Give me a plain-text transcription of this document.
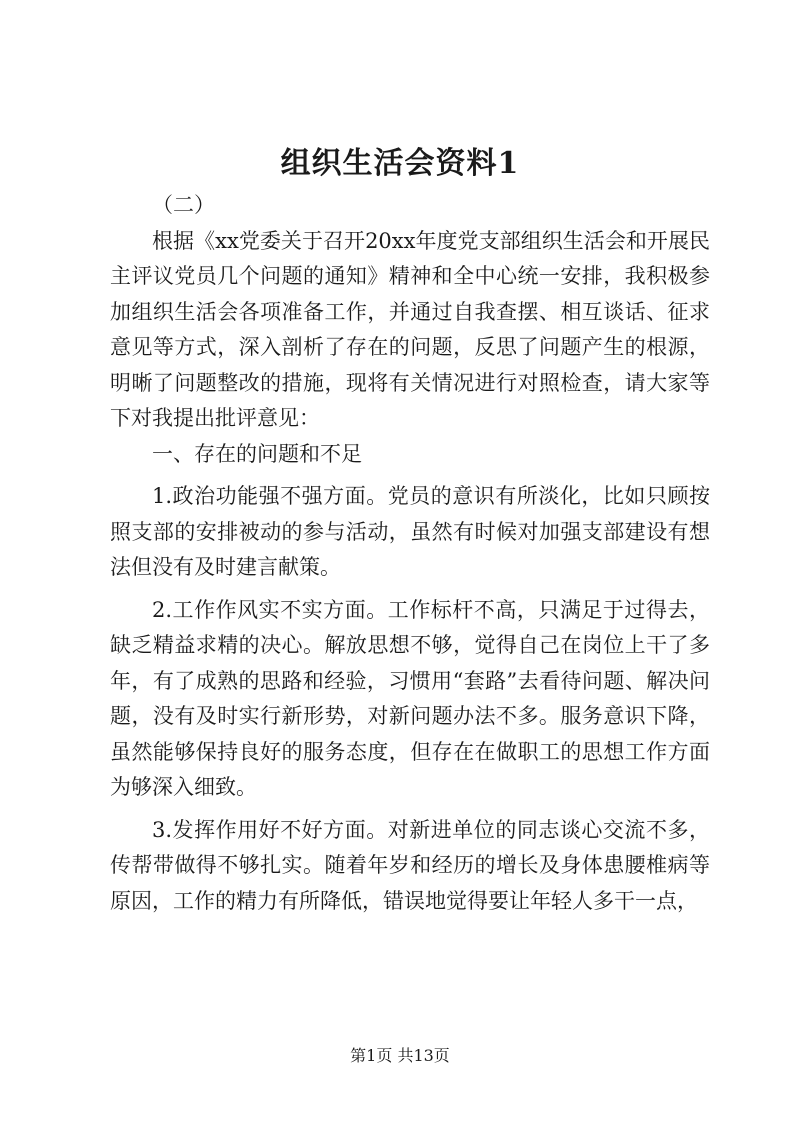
组织生活会资料1

（二）

根据《xx党委关于召开20xx年度党支部组织生活会和开展民主评议党员几个问题的通知》精神和全中心统一安排，我积极参加组织生活会各项准备工作，并通过自我查摆、相互谈话、征求意见等方式，深入剖析了存在的问题，反思了问题产生的根源，明晰了问题整改的措施，现将有关情况进行对照检查，请大家等下对我提出批评意见：

一、存在的问题和不足

1.政治功能强不强方面。党员的意识有所淡化，比如只顾按照支部的安排被动的参与活动，虽然有时候对加强支部建设有想法但没有及时建言献策。

2.工作作风实不实方面。工作标杆不高，只满足于过得去，缺乏精益求精的决心。解放思想不够，觉得自己在岗位上干了多年，有了成熟的思路和经验，习惯用“套路”去看待问题、解决问题，没有及时实行新形势，对新问题办法不多。服务意识下降，虽然能够保持良好的服务态度，但存在在做职工的思想工作方面为够深入细致。

3.发挥作用好不好方面。对新进单位的同志谈心交流不多，传帮带做得不够扎实。随着年岁和经历的增长及身体患腰椎病等原因，工作的精力有所降低，错误地觉得要让年轻人多干一点，

第1页 共13页
